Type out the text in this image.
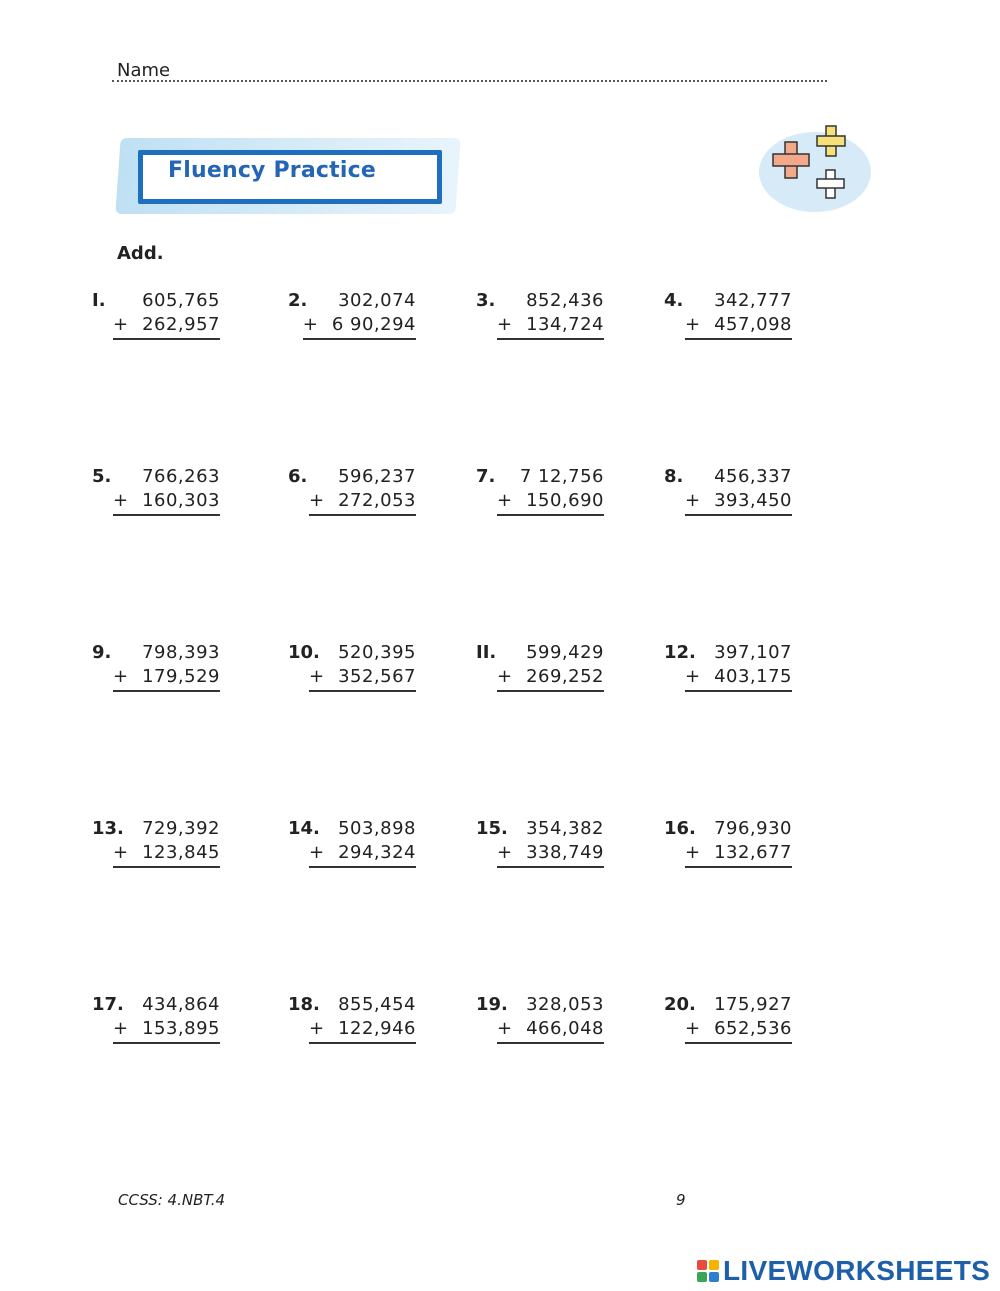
Name
Fluency Practice
Add.
I. 605,765
+ 262,957
2. 302,074
+ 6 90,294
3. 852,436
+ 134,724
4. 342,777
+ 457,098
5. 766,263
+ 160,303
6. 596,237
+ 272,053
7. 7 12,756
+ 150,690
8. 456,337
+ 393,450
9. 798,393
+ 179,529
10. 520,395
+ 352,567
II. 599,429
+ 269,252
12. 397,107
+ 403,175
13. 729,392
+ 123,845
14. 503,898
+ 294,324
15. 354,382
+ 338,749
16. 796,930
+ 132,677
17. 434,864
+ 153,895
18. 855,454
+ 122,946
19. 328,053
+ 466,048
20. 175,927
+ 652,536
CCSS: 4.NBT.4	9
LIVEWORKSHEETS
